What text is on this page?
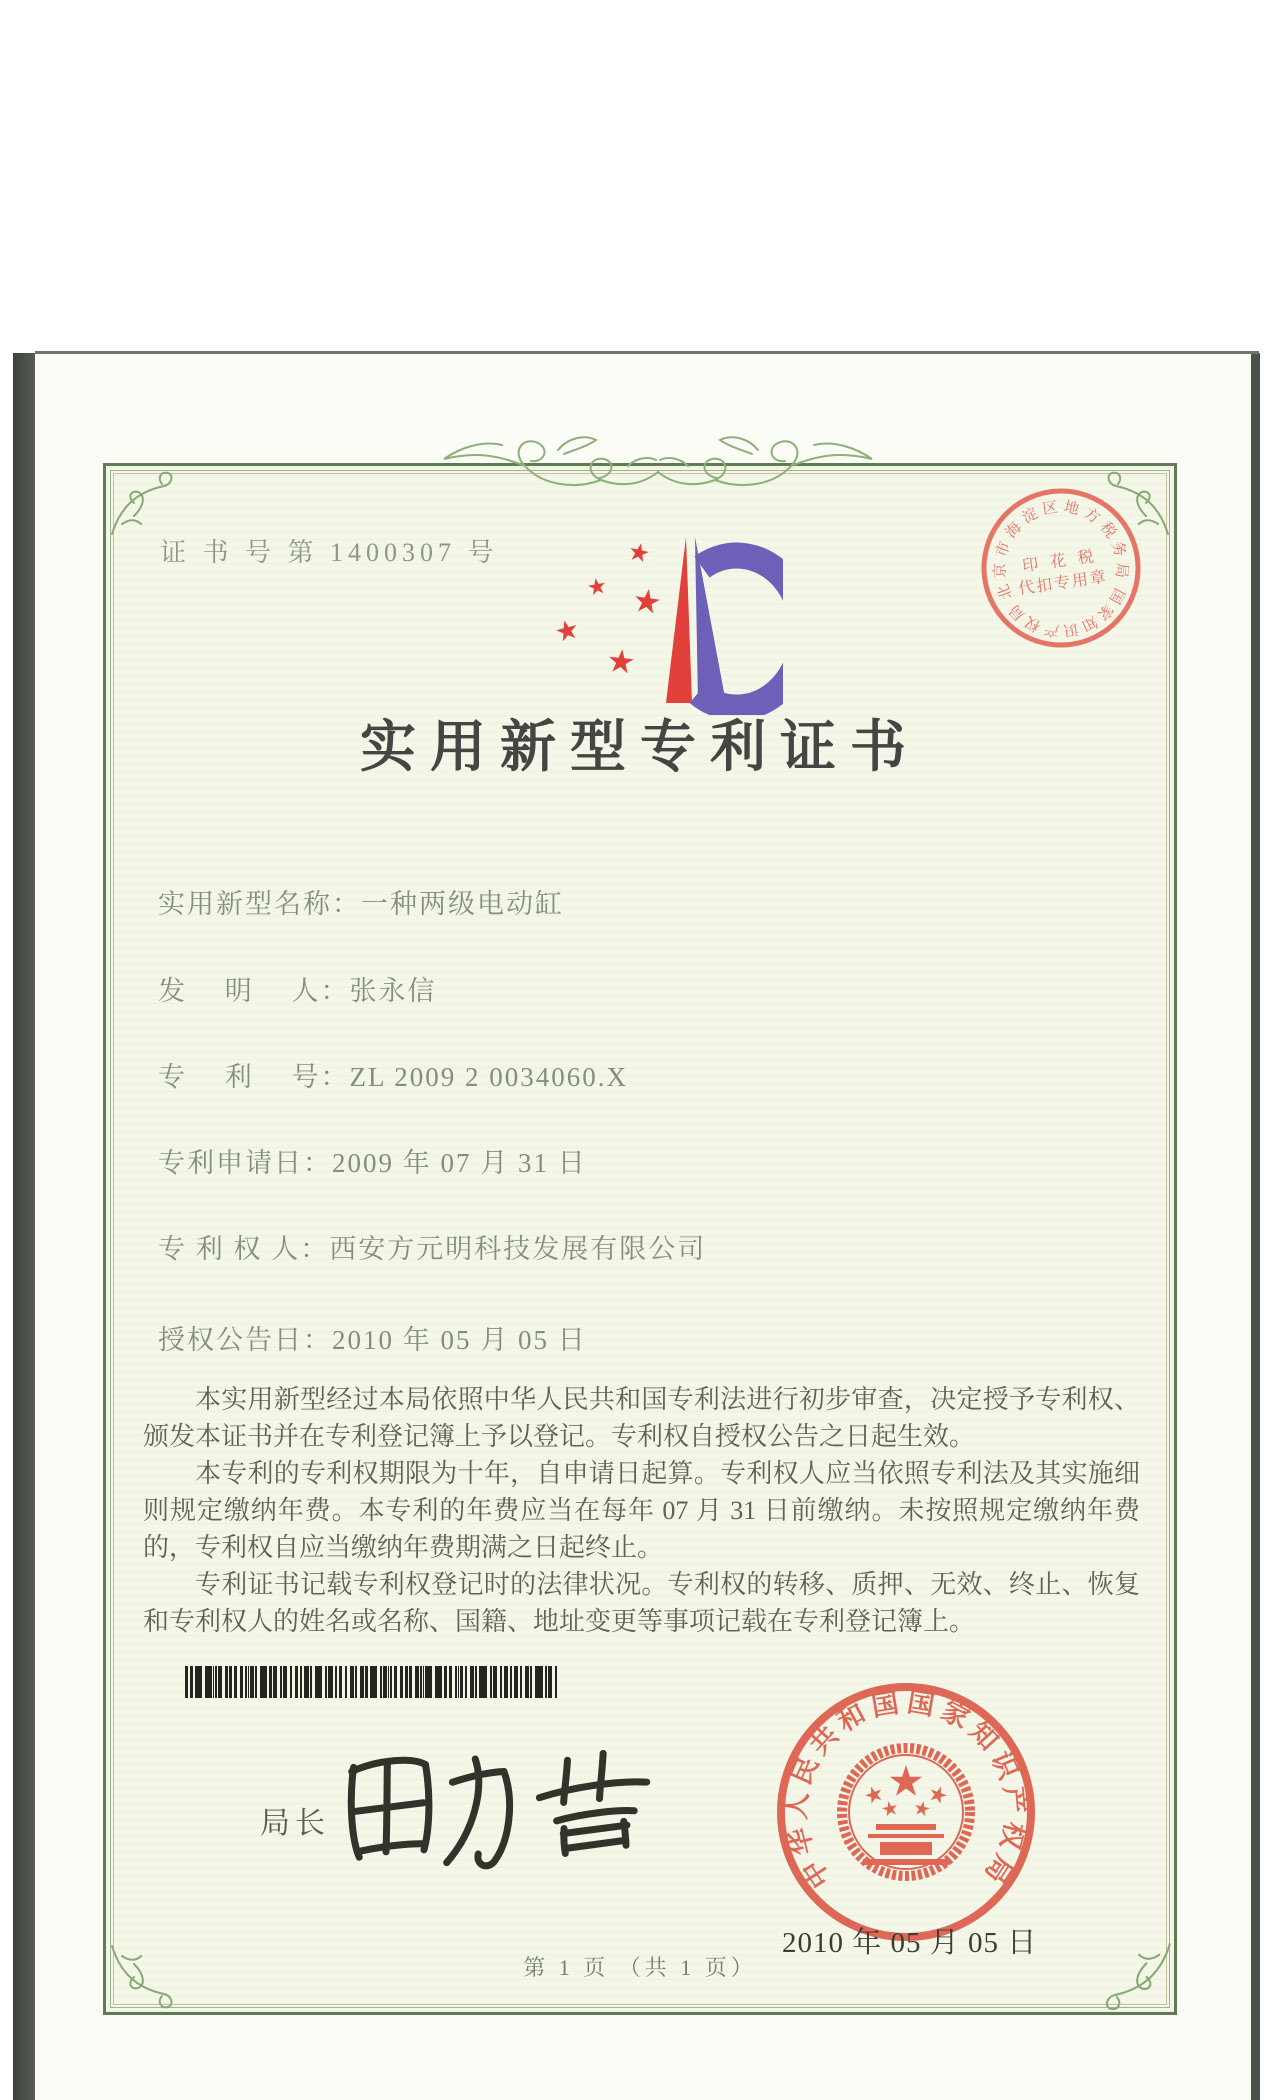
证 书 号 第 1400307 号
北京市海淀区地方税务局
国家知识产权局
印 花 税
代扣专用章
实用新型专利证书
实用新型名称：一种两级电动缸
发　 明　 人：张永信
专　 利　 号：ZL 2009 2 0034060.X
专利申请日：2009 年 07 月 31 日
专 利 权 人：西安方元明科技发展有限公司
授权公告日：2010 年 05 月 05 日

本实用新型经过本局依照中华人民共和国专利法进行初步审查，决定授予专利权、颁发本证书并在专利登记簿上予以登记。专利权自授权公告之日起生效。

本专利的专利权期限为十年，自申请日起算。专利权人应当依照专利法及其实施细则规定缴纳年费。本专利的年费应当在每年 07 月 31 日前缴纳。未按照规定缴纳年费的，专利权自应当缴纳年费期满之日起终止。

专利证书记载专利权登记时的法律状况。专利权的转移、质押、无效、终止、恢复和专利权人的姓名或名称、国籍、地址变更等事项记载在专利登记簿上。

局长
中华人民共和国国家知识产权局
2010 年 05 月 05 日
第 1 页 （共 1 页）
